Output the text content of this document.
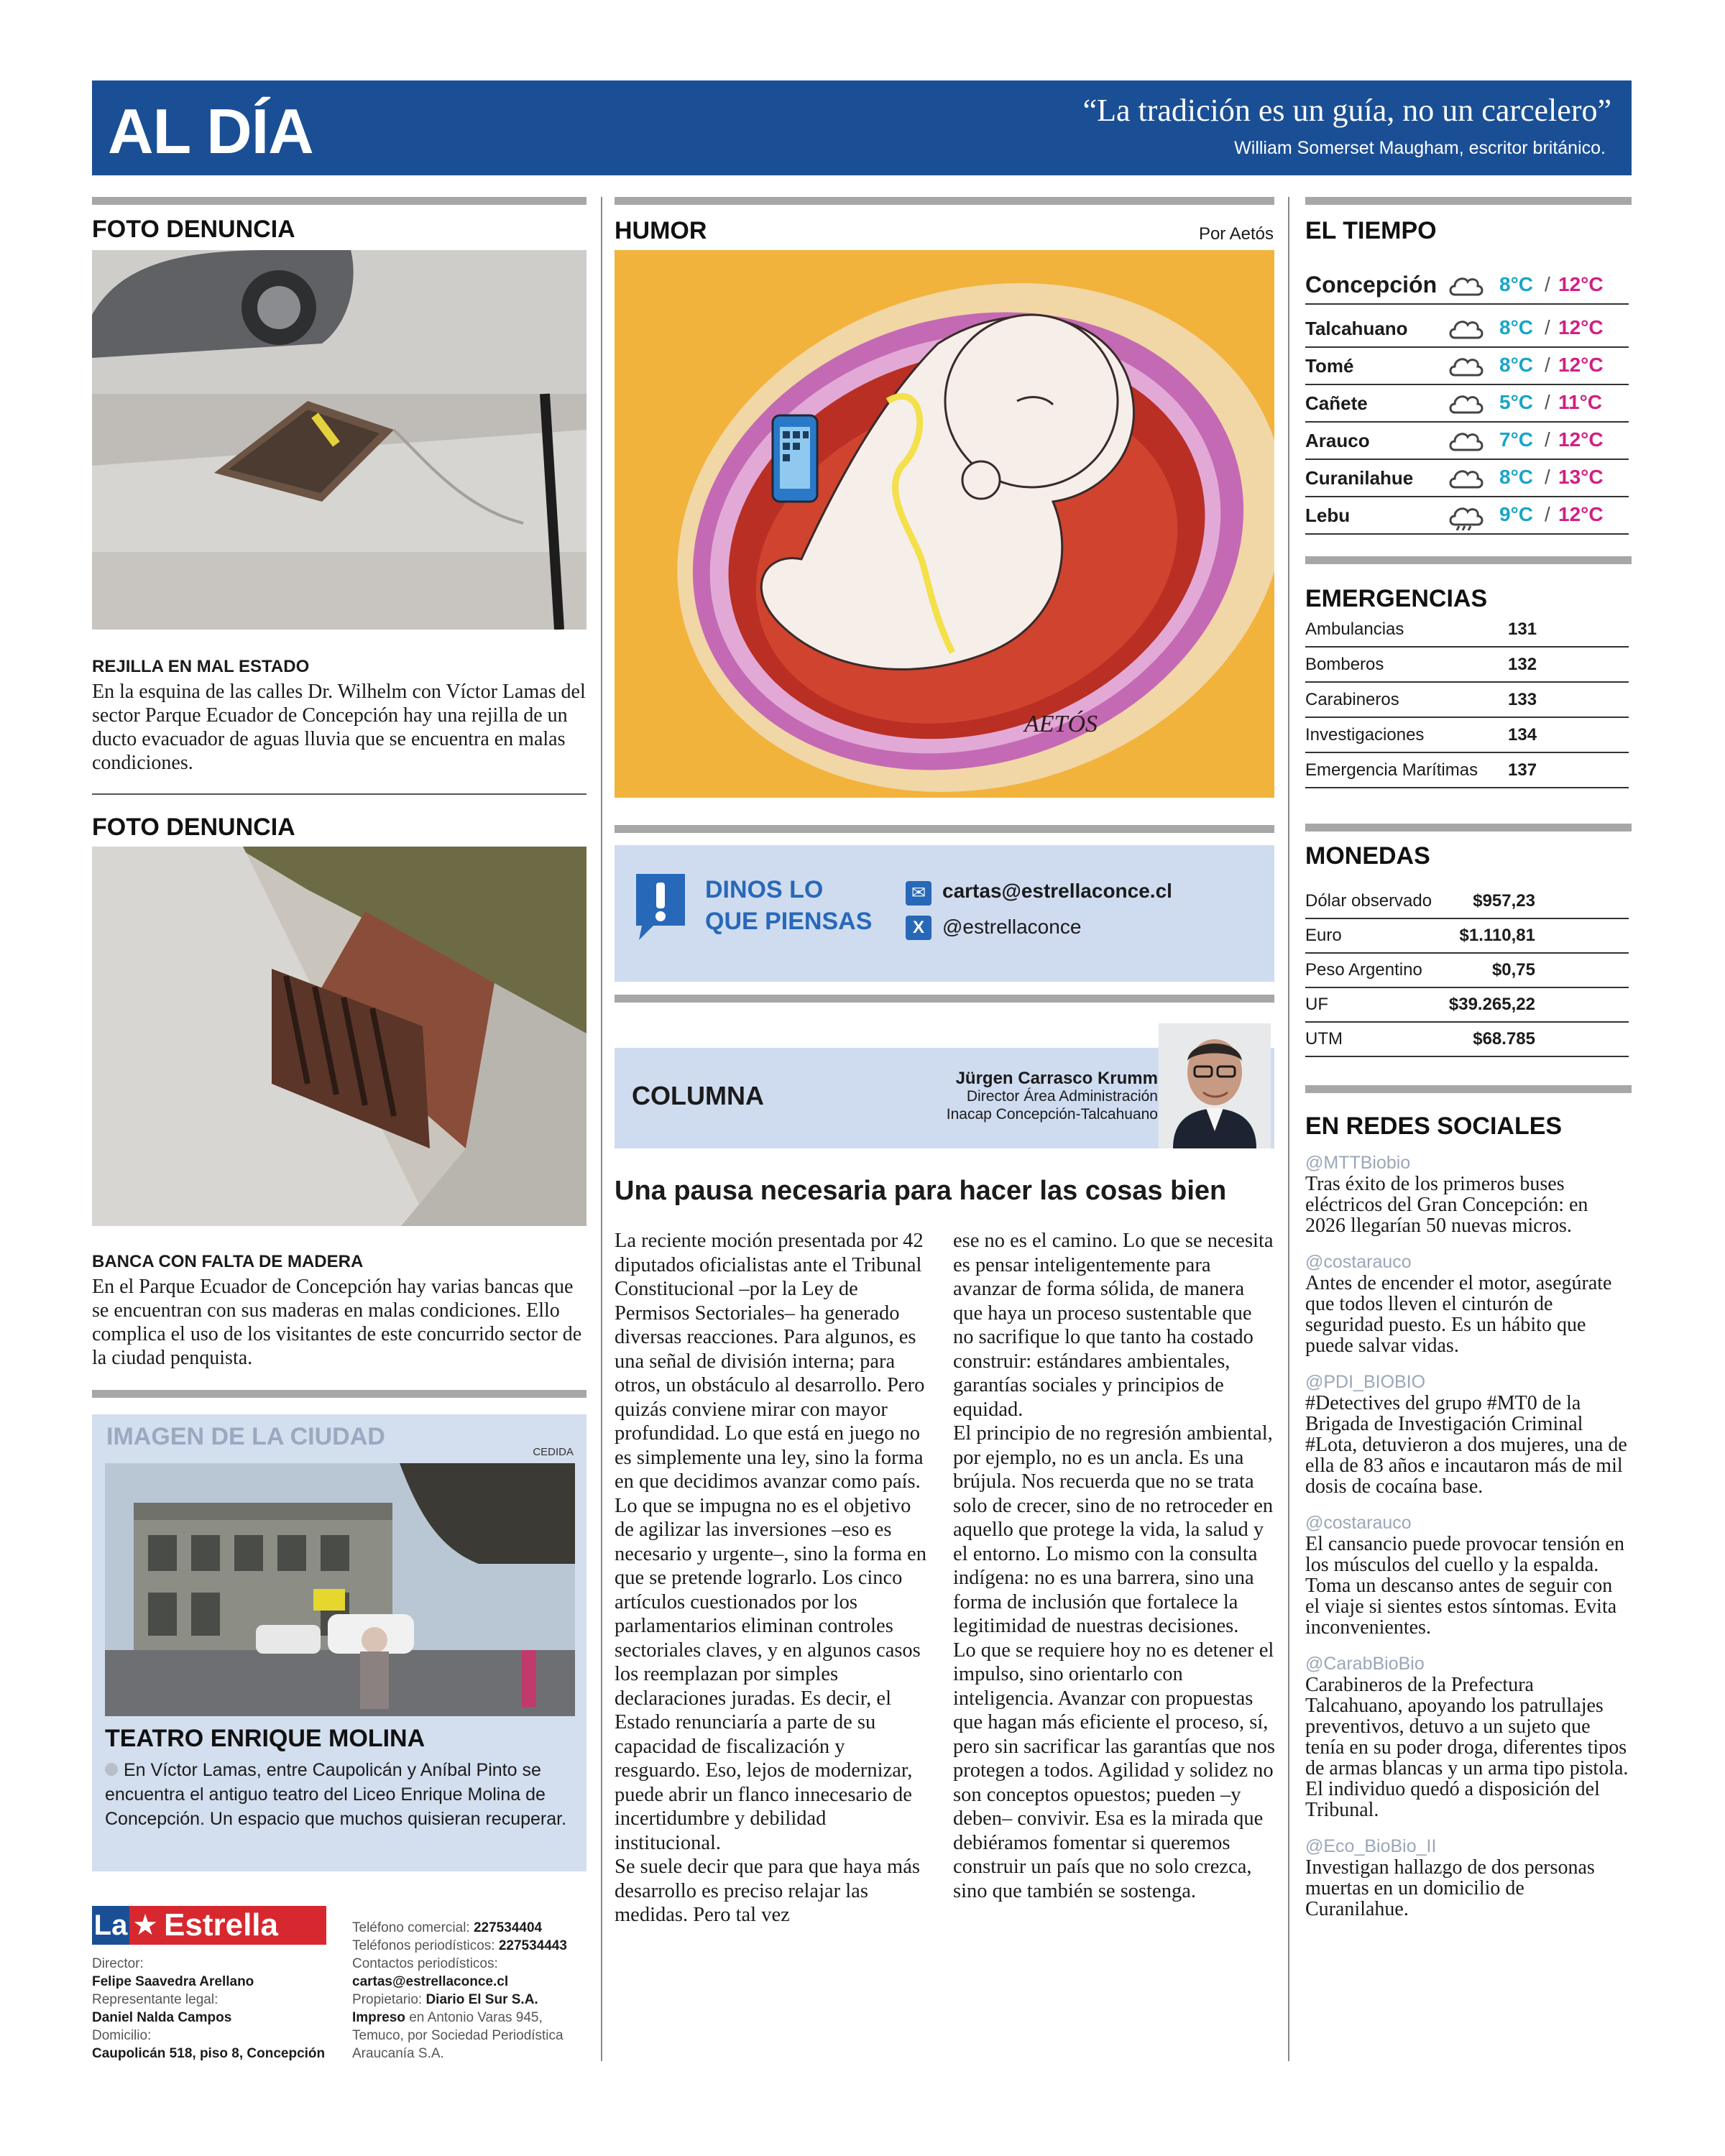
AL DÍA	“La tradición es un guía, no un carcelero”
William Somerset Maugham, escritor británico.
FOTO DENUNCIA
REJILLA EN MAL ESTADO
En la esquina de las calles Dr. Wilhelm con Víctor Lamas del sector Parque Ecuador de Concepción hay una rejilla de un ducto evacuador de aguas lluvia que se encuentra en malas condiciones.
FOTO DENUNCIA
BANCA CON FALTA DE MADERA
En el Parque Ecuador de Concepción hay varias bancas que se encuentran con sus maderas en malas condiciones. Ello complica el uso de los visitantes de este concurrido sector de la ciudad penquista.
IMAGEN DE LA CIUDAD
CEDIDA
TEATRO ENRIQUE MOLINA
En Víctor Lamas, entre Caupolicán y Aníbal Pinto se encuentra el antiguo teatro del Liceo Enrique Molina de Concepción. Un espacio que muchos quisieran recuperar.
La ★ Estrella
Director:
Felipe Saavedra Arellano
Representante legal:
Daniel Nalda Campos
Domicilio:
Caupolicán 518, piso 8, Concepción
Teléfono comercial: 227534404
Teléfonos periodísticos: 227534443
Contactos periodísticos:
cartas@estrellaconce.cl
Propietario: Diario El Sur S.A.
Impreso en Antonio Varas 945,
Temuco, por Sociedad Periodística
Araucanía S.A.
HUMOR	Por Aetós
AETÓS
DINOS LO
QUE PIENSAS
✉ cartas@estrellaconce.cl
X @estrellaconce
COLUMNA
Jürgen Carrasco Krumm
Director Área Administración
Inacap Concepción-Talcahuano
Una pausa necesaria para hacer las cosas bien

La reciente moción presentada por 42 diputados oficialistas ante el Tribunal Constitucional –por la Ley de Permisos Sectoriales– ha generado diversas reacciones. Para algunos, es una señal de división interna; para otros, un obstáculo al desarrollo. Pero quizás conviene mirar con mayor profundidad. Lo que está en juego no es simplemente una ley, sino la forma en que decidimos avanzar como país.

Lo que se impugna no es el objetivo de agilizar las inversiones –eso es necesario y urgente–, sino la forma en que se pretende lograrlo. Los cinco artículos cuestionados por los parlamentarios eliminan controles sectoriales claves, y en algunos casos los reemplazan por simples declaraciones juradas. Es decir, el Estado renunciaría a parte de su capacidad de fiscalización y resguardo. Eso, lejos de modernizar, puede abrir un flanco innecesario de incertidumbre y debilidad institucional.

Se suele decir que para que haya más desarrollo es preciso relajar las medidas. Pero tal vez

ese no es el camino. Lo que se necesita es pensar inteligentemente para avanzar de forma sólida, de manera que haya un proceso sustentable que no sacrifique lo que tanto ha costado construir: estándares ambientales, garantías sociales y principios de equidad.

El principio de no regresión ambiental, por ejemplo, no es un ancla. Es una brújula. Nos recuerda que no se trata solo de crecer, sino de no retroceder en aquello que protege la vida, la salud y el entorno. Lo mismo con la consulta indígena: no es una barrera, sino una forma de inclusión que fortalece la legitimidad de nuestras decisiones.

Lo que se requiere hoy no es detener el impulso, sino orientarlo con inteligencia. Avanzar con propuestas que hagan más eficiente el proceso, sí, pero sin sacrificar las garantías que nos protegen a todos. Agilidad y solidez no son conceptos opuestos; pueden –y deben– convivir. Esa es la mirada que debiéramos fomentar si queremos construir un país que no solo crezca, sino que también se sostenga.

EL TIEMPO
Concepción	8°C / 12°C
Talcahuano	8°C / 12°C
Tomé	8°C / 12°C
Cañete	5°C / 11°C
Arauco	7°C / 12°C
Curanilahue	8°C / 13°C
Lebu	9°C / 12°C
EMERGENCIAS
Ambulancias	131
Bomberos	132
Carabineros	133
Investigaciones	134
Emergencia Marítimas 137
MONEDAS
Dólar observado $957,23
Euro	$1.110,81
Peso Argentino	$0,75
UF	$39.265,22
UTM	$68.785
EN REDES SOCIALES
@MTTBiobio
Tras éxito de los primeros buses eléctricos del Gran Concepción: en 2026 llegarían 50 nuevas micros.
@costarauco
Antes de encender el motor, asegúrate que todos lleven el cinturón de seguridad puesto. Es un hábito que puede salvar vidas.
@PDI_BIOBIO
#Detectives del grupo #MT0 de la Brigada de Investigación Criminal #Lota, detuvieron a dos mujeres, una de ella de 83 años e incautaron más de mil dosis de cocaína base.
@costarauco
El cansancio puede provocar tensión en los músculos del cuello y la espalda. Toma un descanso antes de seguir con el viaje si sientes estos síntomas. Evita inconvenientes.
@CarabBioBio
Carabineros de la Prefectura Talcahuano, apoyando los patrullajes preventivos, detuvo a un sujeto que tenía en su poder droga, diferentes tipos de armas blancas y un arma tipo pistola. El individuo quedó a disposición del Tribunal.
@Eco_BioBio_II
Investigan hallazgo de dos personas muertas en un domicilio de Curanilahue.
